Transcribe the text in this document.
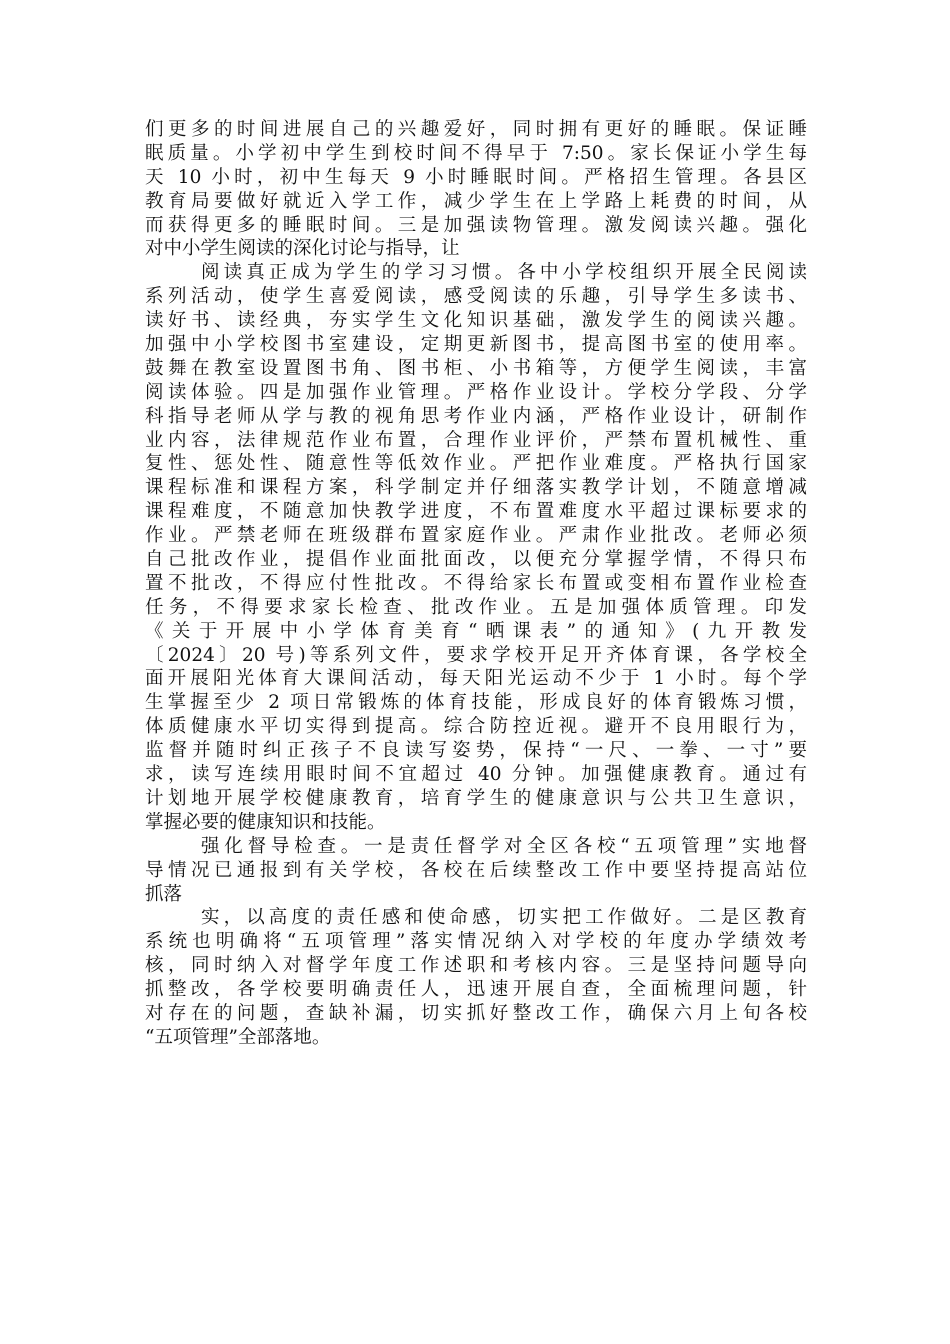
们更多的时间进展自己的兴趣爱好，同时拥有更好的睡眠。保证睡
眠质量。小学初中学生到校时间不得早于 7:50。家长保证小学生每
天 10 小时，初中生每天 9 小时睡眠时间。严格招生管理。各县区
教育局要做好就近入学工作，减少学生在上学路上耗费的时间，从
而获得更多的睡眠时间。三是加强读物管理。激发阅读兴趣。强化
对中小学生阅读的深化讨论与指导，让
阅读真正成为学生的学习习惯。各中小学校组织开展全民阅读
系列活动，使学生喜爱阅读，感受阅读的乐趣，引导学生多读书、
读好书、读经典，夯实学生文化知识基础，激发学生的阅读兴趣。
加强中小学校图书室建设，定期更新图书，提高图书室的使用率。
鼓舞在教室设置图书角、图书柜、小书箱等，方便学生阅读，丰富
阅读体验。四是加强作业管理。严格作业设计。学校分学段、分学
科指导老师从学与教的视角思考作业内涵，严格作业设计，研制作
业内容，法律规范作业布置，合理作业评价，严禁布置机械性、重
复性、惩处性、随意性等低效作业。严把作业难度。严格执行国家
课程标准和课程方案，科学制定并仔细落实教学计划，不随意增减
课程难度，不随意加快教学进度，不布置难度水平超过课标要求的
作业。严禁老师在班级群布置家庭作业。严肃作业批改。老师必须
自己批改作业，提倡作业面批面改，以便充分掌握学情，不得只布
置不批改，不得应付性批改。不得给家长布置或变相布置作业检查
任务，不得要求家长检查、批改作业。五是加强体质管理。印发
《关于开展中小学体育美育“晒课表”的通知》(九开教发
〔2024〕20 号)等系列文件，要求学校开足开齐体育课，各学校全
面开展阳光体育大课间活动，每天阳光运动不少于 1 小时。每个学
生掌握至少 2 项日常锻炼的体育技能，形成良好的体育锻炼习惯，
体质健康水平切实得到提高。综合防控近视。避开不良用眼行为，
监督并随时纠正孩子不良读写姿势，保持“一尺、一拳、一寸”要
求，读写连续用眼时间不宜超过 40 分钟。加强健康教育。通过有
计划地开展学校健康教育，培育学生的健康意识与公共卫生意识，
掌握必要的健康知识和技能。
强化督导检查。一是责任督学对全区各校“五项管理”实地督
导情况已通报到有关学校，各校在后续整改工作中要坚持提高站位
抓落
实，以高度的责任感和使命感，切实把工作做好。二是区教育
系统也明确将“五项管理”落实情况纳入对学校的年度办学绩效考
核，同时纳入对督学年度工作述职和考核内容。三是坚持问题导向
抓整改，各学校要明确责任人，迅速开展自查，全面梳理问题，针
对存在的问题，查缺补漏，切实抓好整改工作，确保六月上旬各校
“五项管理”全部落地。
